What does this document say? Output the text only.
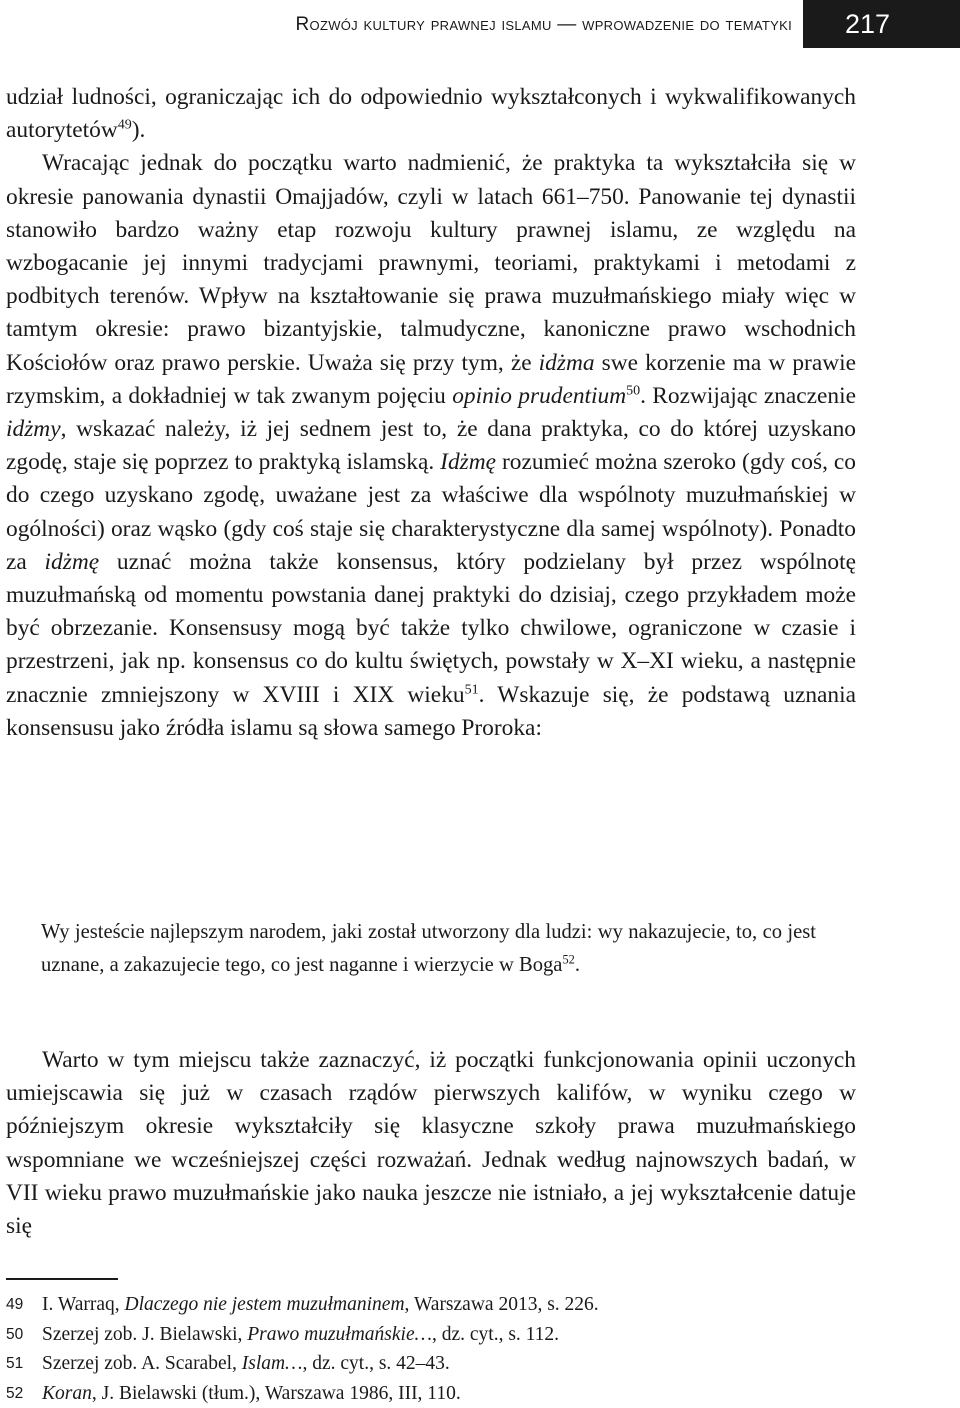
Rozwój kultury prawnej islamu — wprowadzenie do tematyki	217

udział ludności, ograniczając ich do odpowiednio wykształconych i wykwalifikowanych autorytetów$^{49}$).

Wracając jednak do początku warto nadmienić, że praktyka ta wykształciła się w okresie panowania dynastii Omajjadów, czyli w latach 661–750. Panowanie tej dynastii stanowiło bardzo ważny etap rozwoju kultury prawnej islamu, ze względu na wzbogacanie jej innymi tradycjami prawnymi, teoriami, praktykami i metodami z podbitych terenów. Wpływ na kształtowanie się prawa muzułmańskiego miały więc w tamtym okresie: prawo bizantyjskie, talmudyczne, kanoniczne prawo wschodnich Kościołów oraz prawo perskie. Uważa się przy tym, że idżma swe korzenie ma w prawie rzymskim, a dokładniej w tak zwanym pojęciu opinio prudentium$^{50}$. Rozwijając znaczenie idżmy, wskazać należy, iż jej sednem jest to, że dana praktyka, co do której uzyskano zgodę, staje się poprzez to praktyką islamską. Idżmę rozumieć można szeroko (gdy coś, co do czego uzyskano zgodę, uważane jest za właściwe dla wspólnoty muzułmańskiej w ogólności) oraz wąsko (gdy coś staje się charakterystyczne dla samej wspólnoty). Ponadto za idżmę uznać można także konsensus, który podzielany był przez wspólnotę muzułmańską od momentu powstania danej praktyki do dzisiaj, czego przykładem może być obrzezanie. Konsensusy mogą być także tylko chwilowe, ograniczone w czasie i przestrzeni, jak np. konsensus co do kultu świętych, powstały w X–XI wieku, a następnie znacznie zmniejszony w XVIII i XIX wieku$^{51}$. Wskazuje się, że podstawą uznania konsensusu jako źródła islamu są słowa samego Proroka:

Wy jesteście najlepszym narodem, jaki został utworzony dla ludzi: wy nakazujecie, to, co jest uznane, a zakazujecie tego, co jest naganne i wierzycie w Boga$^{52}$.

Warto w tym miejscu także zaznaczyć, iż początki funkcjonowania opinii uczonych umiejscawia się już w czasach rządów pierwszych kalifów, w wyniku czego w późniejszym okresie wykształciły się klasyczne szkoły prawa muzułmańskiego wspomniane we wcześniejszej części rozważań. Jednak według najnowszych badań, w VII wieku prawo muzułmańskie jako nauka jeszcze nie istniało, a jej wykształcenie datuje się

49 I. Warraq, Dlaczego nie jestem muzułmaninem, Warszawa 2013, s. 226.
50 Szerzej zob. J. Bielawski, Prawo muzułmańskie…, dz. cyt., s. 112.
51 Szerzej zob. A. Scarabel, Islam…, dz. cyt., s. 42–43.
52 Koran, J. Bielawski (tłum.), Warszawa 1986, III, 110.
